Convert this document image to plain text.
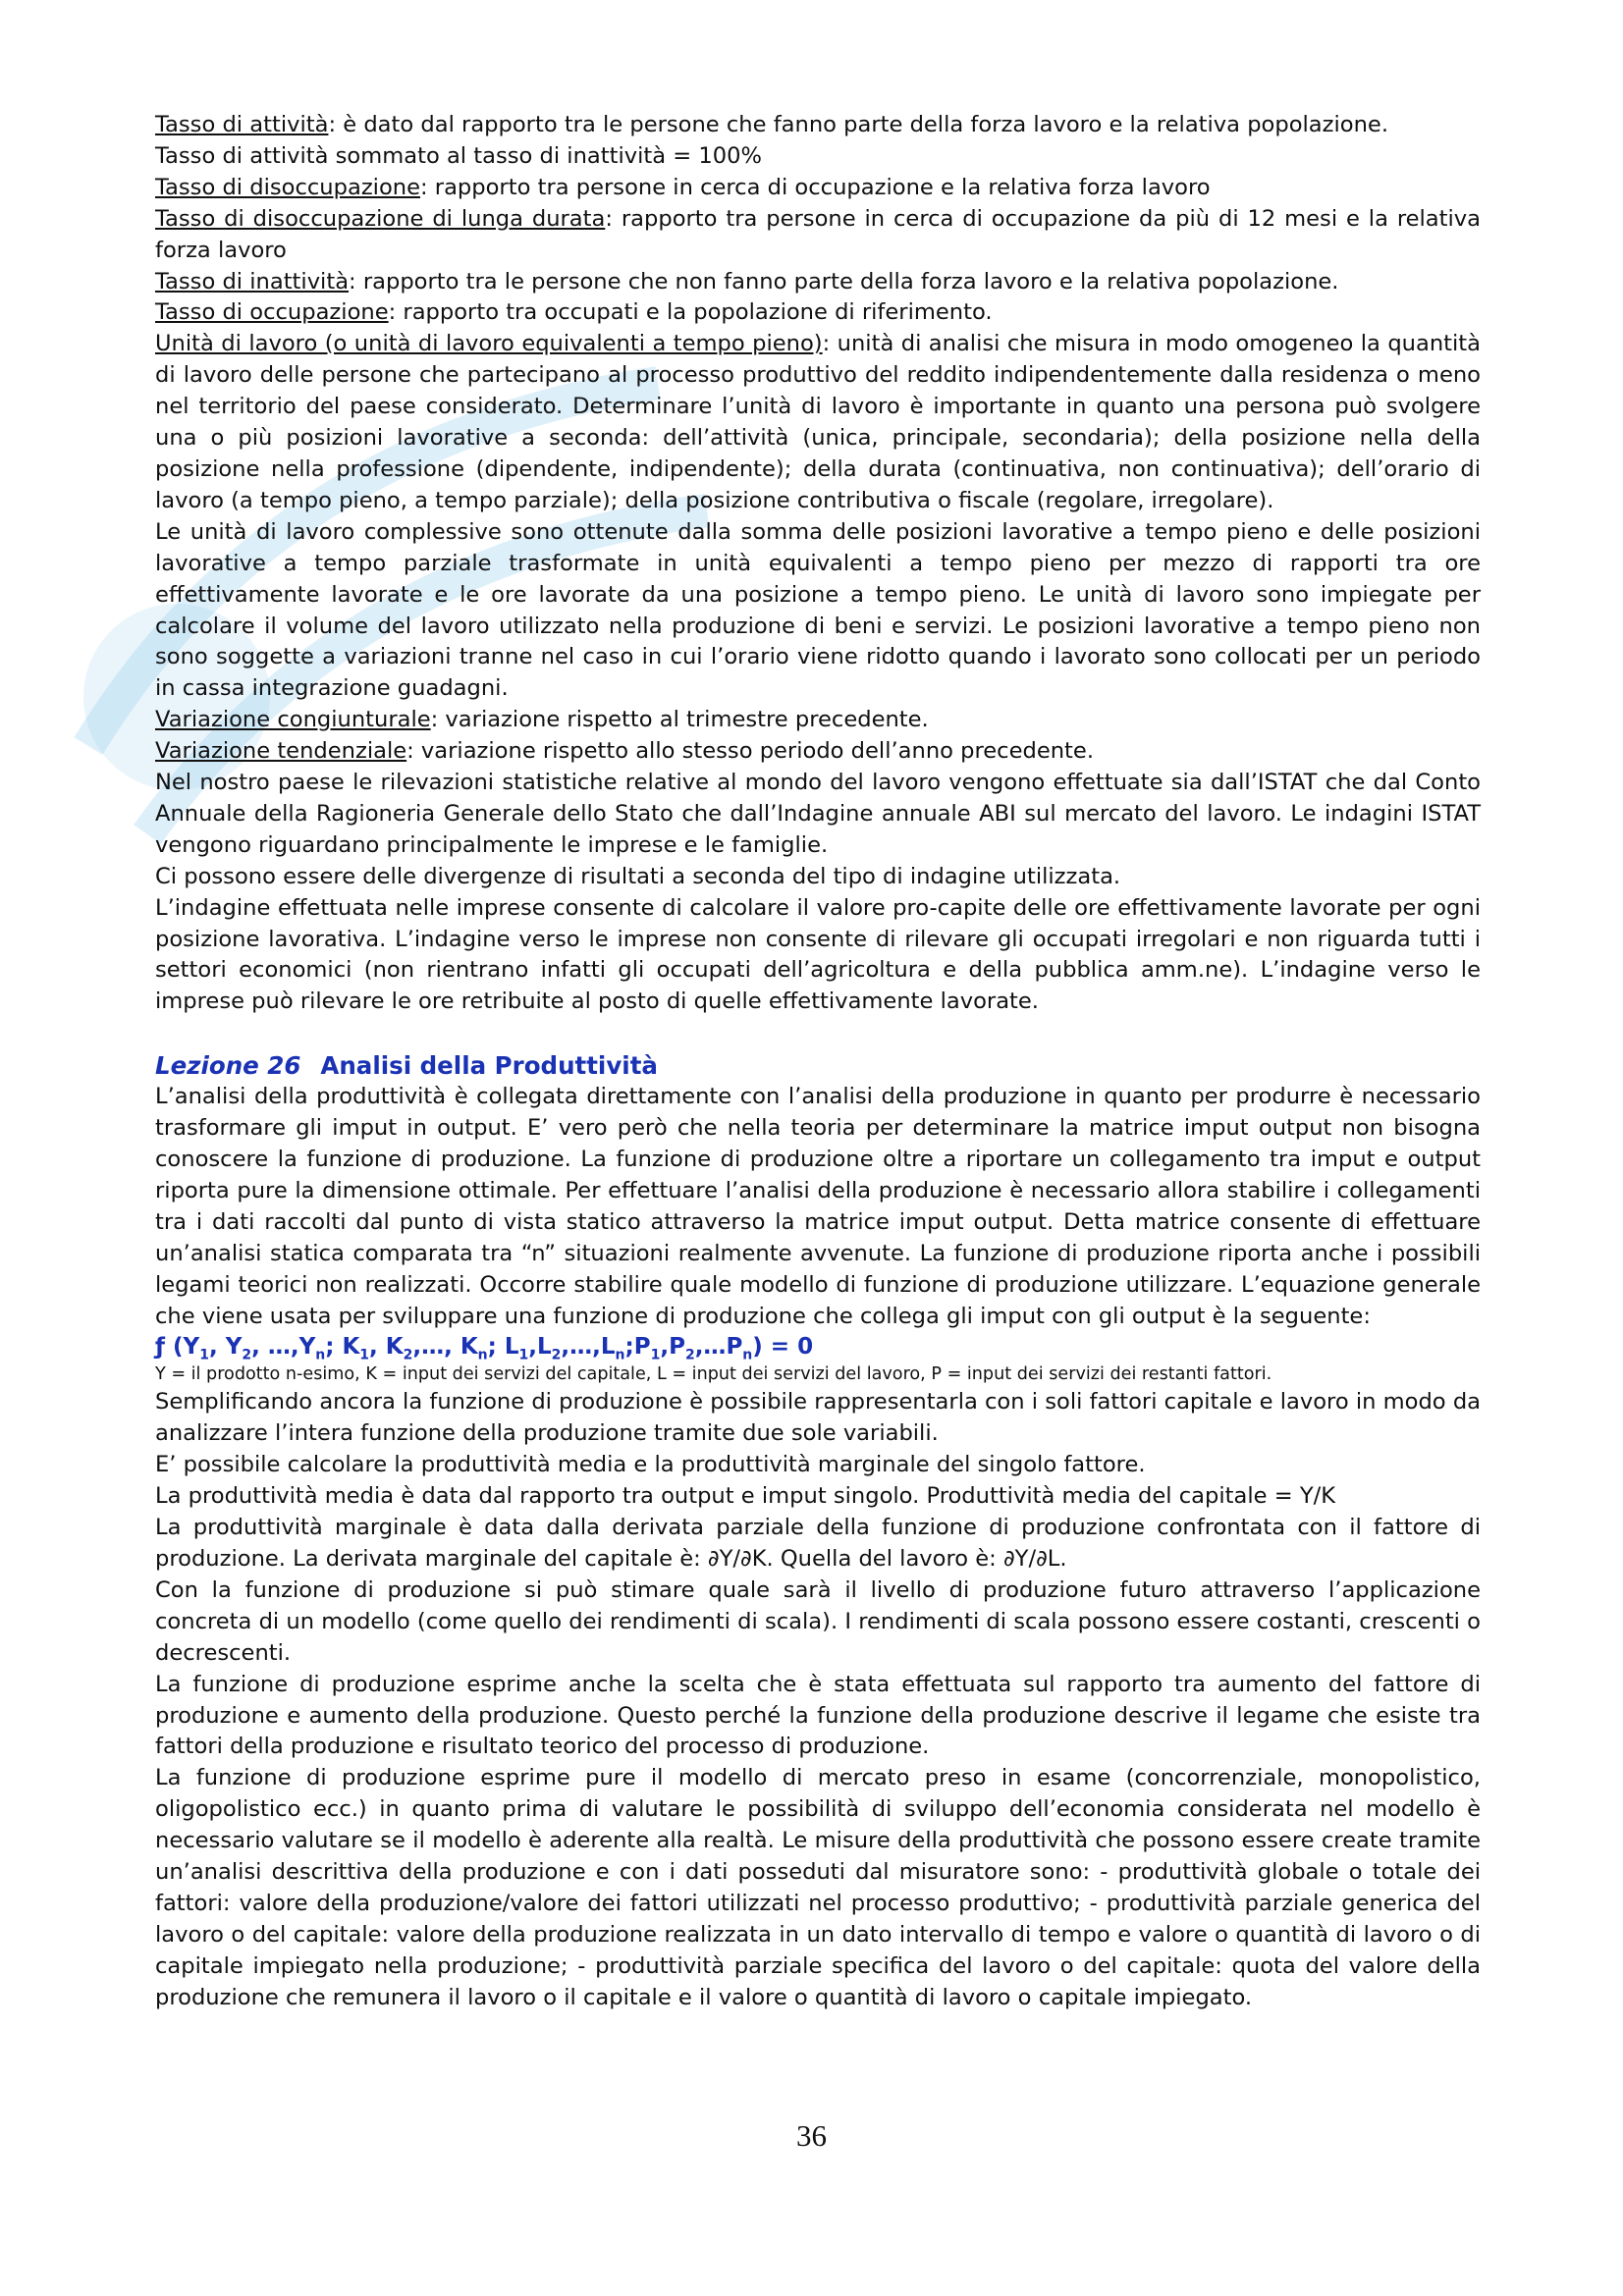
Tasso di attività: è dato dal rapporto tra le persone che fanno parte della forza lavoro e la relativa popolazione.

Tasso di attività sommato al tasso di inattività = 100%

Tasso di disoccupazione: rapporto tra persone in cerca di occupazione e la relativa forza lavoro

Tasso di disoccupazione di lunga durata: rapporto tra persone in cerca di occupazione da più di 12 mesi e la relativa forza lavoro

Tasso di inattività: rapporto tra le persone che non fanno parte della forza lavoro e la relativa popolazione.

Tasso di occupazione: rapporto tra occupati e la popolazione di riferimento.

Unità di lavoro (o unità di lavoro equivalenti a tempo pieno): unità di analisi che misura in modo omogeneo la quantità di lavoro delle persone che partecipano al processo produttivo del reddito indipendentemente dalla residenza o meno nel territorio del paese considerato. Determinare l’unità di lavoro è importante in quanto una persona può svolgere una o più posizioni lavorative a seconda: dell’attività (unica, principale, secondaria); della posizione nella della posizione nella professione (dipendente, indipendente); della durata (continuativa, non continuativa); dell’orario di lavoro (a tempo pieno, a tempo parziale); della posizione contributiva o fiscale (regolare, irregolare).

Le unità di lavoro complessive sono ottenute dalla somma delle posizioni lavorative a tempo pieno e delle posizioni lavorative a tempo parziale trasformate in unità equivalenti a tempo pieno per mezzo di rapporti tra ore effettivamente lavorate e le ore lavorate da una posizione a tempo pieno. Le unità di lavoro sono impiegate per calcolare il volume del lavoro utilizzato nella produzione di beni e servizi. Le posizioni lavorative a tempo pieno non sono soggette a variazioni tranne nel caso in cui l’orario viene ridotto quando i lavorato sono collocati per un periodo in cassa integrazione guadagni.

Variazione congiunturale: variazione rispetto al trimestre precedente.

Variazione tendenziale: variazione rispetto allo stesso periodo dell’anno precedente.

Nel nostro paese le rilevazioni statistiche relative al mondo del lavoro vengono effettuate sia dall’ISTAT che dal Conto Annuale della Ragioneria Generale dello Stato che dall’Indagine annuale ABI sul mercato del lavoro. Le indagini ISTAT vengono riguardano principalmente le imprese e le famiglie.

Ci possono essere delle divergenze di risultati a seconda del tipo di indagine utilizzata.

L’indagine effettuata nelle imprese consente di calcolare il valore pro-capite delle ore effettivamente lavorate per ogni posizione lavorativa. L’indagine verso le imprese non consente di rilevare gli occupati irregolari e non riguarda tutti i settori economici (non rientrano infatti gli occupati dell’agricoltura e della pubblica amm.ne). L’indagine verso le imprese può rilevare le ore retribuite al posto di quelle effettivamente lavorate.

Lezione 26 Analisi della Produttività

L’analisi della produttività è collegata direttamente con l’analisi della produzione in quanto per produrre è necessario trasformare gli imput in output. E’ vero però che nella teoria per determinare la matrice imput output non bisogna conoscere la funzione di produzione. La funzione di produzione oltre a riportare un collegamento tra imput e output riporta pure la dimensione ottimale. Per effettuare l’analisi della produzione è necessario allora stabilire i collegamenti tra i dati raccolti dal punto di vista statico attraverso la matrice imput output. Detta matrice consente di effettuare un’analisi statica comparata tra “n” situazioni realmente avvenute. La funzione di produzione riporta anche i possibili legami teorici non realizzati. Occorre stabilire quale modello di funzione di produzione utilizzare. L’equazione generale che viene usata per sviluppare una funzione di produzione che collega gli imput con gli output è la seguente:

ƒ ($Y_1$, $Y_2$, $\dots,Y_n$; $K_1$, $K_2,\dots$, $K_n$; $L_1,L_2,\dots,L_n;P_1,P_2,\dots P_n) = 0$

Y = il prodotto n-esimo, K = input dei servizi del capitale, L = input dei servizi del lavoro, P = input dei servizi dei restanti fattori.

Semplificando ancora la funzione di produzione è possibile rappresentarla con i soli fattori capitale e lavoro in modo da analizzare l’intera funzione della produzione tramite due sole variabili.

E’ possibile calcolare la produttività media e la produttività marginale del singolo fattore.

La produttività media è data dal rapporto tra output e imput singolo. Produttività media del capitale = Y/K

La produttività marginale è data dalla derivata parziale della funzione di produzione confrontata con il fattore di produzione. La derivata marginale del capitale è: ∂Y/∂K. Quella del lavoro è: ∂Y/∂L.

Con la funzione di produzione si può stimare quale sarà il livello di produzione futuro attraverso l’applicazione concreta di un modello (come quello dei rendimenti di scala). I rendimenti di scala possono essere costanti, crescenti o decrescenti.

La funzione di produzione esprime anche la scelta che è stata effettuata sul rapporto tra aumento del fattore di produzione e aumento della produzione. Questo perché la funzione della produzione descrive il legame che esiste tra fattori della produzione e risultato teorico del processo di produzione.

La funzione di produzione esprime pure il modello di mercato preso in esame (concorrenziale, monopolistico, oligopolistico ecc.) in quanto prima di valutare le possibilità di sviluppo dell’economia considerata nel modello è necessario valutare se il modello è aderente alla realtà. Le misure della produttività che possono essere create tramite un’analisi descrittiva della produzione e con i dati posseduti dal misuratore sono: - produttività globale o totale dei fattori: valore della produzione/valore dei fattori utilizzati nel processo produttivo; - produttività parziale generica del lavoro o del capitale: valore della produzione realizzata in un dato intervallo di tempo e valore o quantità di lavoro o di capitale impiegato nella produzione; - produttività parziale specifica del lavoro o del capitale: quota del valore della produzione che remunera il lavoro o il capitale e il valore o quantità di lavoro o capitale impiegato.

36
